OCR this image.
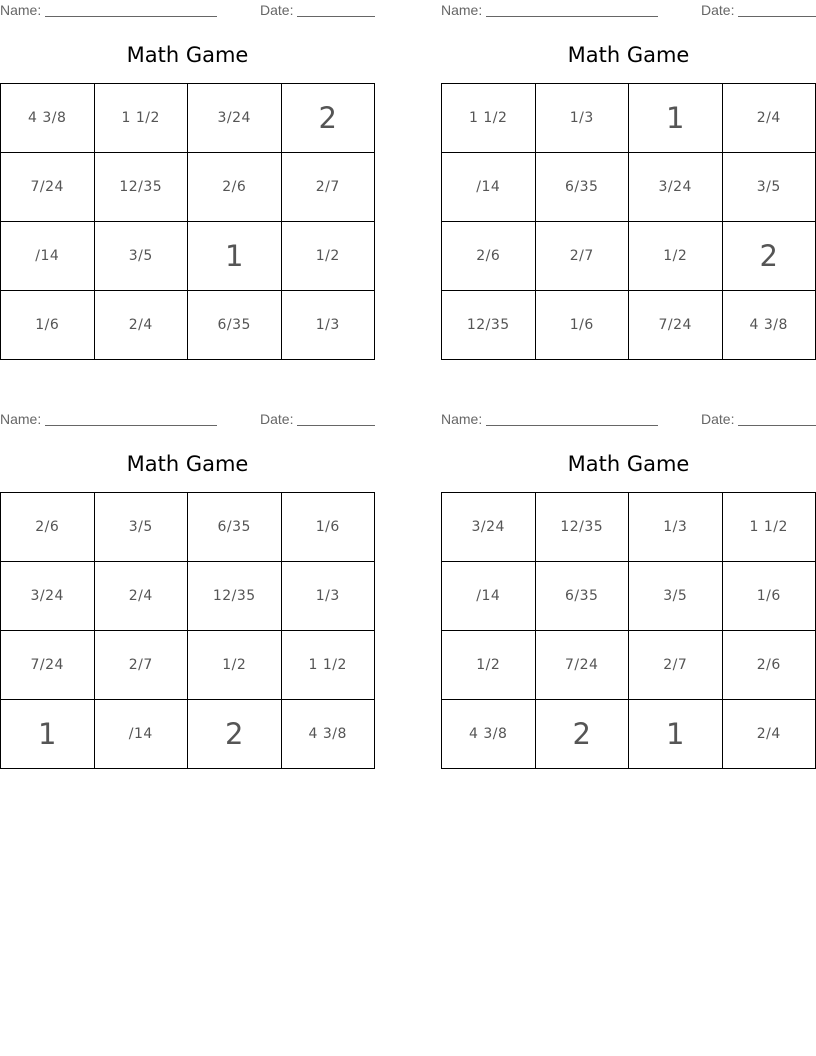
Name:	Date:
Math Game
4 3/8	1 1/2	3/24	2
7/24	12/35	2/6	2/7
/14	3/5	1	1/2
1/6	2/4	6/35	1/3
Name:	Date:
Math Game
1 1/2	1/3	1	2/4
/14	6/35	3/24	3/5
2/6	2/7	1/2	2
12/35	1/6	7/24	4 3/8
Name:	Date:
Math Game
2/6	3/5	6/35	1/6
3/24	2/4	12/35	1/3
7/24	2/7	1/2	1 1/2
1	/14	2	4 3/8
Name:	Date:
Math Game
3/24	12/35	1/3	1 1/2
/14	6/35	3/5	1/6
1/2	7/24	2/7	2/6
4 3/8	2	1	2/4
